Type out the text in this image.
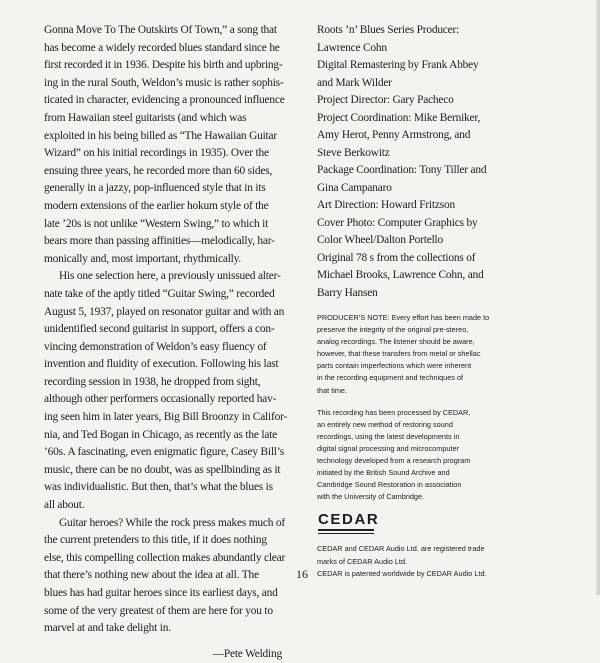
Gonna Move To The Outskirts Of Town,” a song that
has become a widely recorded blues standard since he
first recorded it in 1936. Despite his birth and upbring-
ing in the rural South, Weldon’s music is rather sophis-
ticated in character, evidencing a pronounced influence
from Hawaiian steel guitarists (and which was
exploited in his being billed as “The Hawaiian Guitar
Wizard” on his initial recordings in 1935). Over the
ensuing three years, he recorded more than 60 sides,
generally in a jazzy, pop-influenced style that in its
modern extensions of the earlier hokum style of the
late ’20s is not unlike “Western Swing,” to which it
bears more than passing affinities—melodically, har-
monically and, most important, rhythmically.

His one selection here, a previously unissued alter-
nate take of the aptly titled “Guitar Swing,” recorded
August 5, 1937, played on resonator guitar and with an
unidentified second guitarist in support, offers a con-
vincing demonstration of Weldon’s easy fluency of
invention and fluidity of execution. Following his last
recording session in 1938, he dropped from sight,
although other performers occasionally reported hav-
ing seen him in later years, Big Bill Broonzy in Califor-
nia, and Ted Bogan in Chicago, as recently as the late
’60s. A fascinating, even enigmatic figure, Casey Bill’s
music, there can be no doubt, was as spellbinding as it
was individualistic. But then, that’s what the blues is
all about.

Guitar heroes? While the rock press makes much of
the current pretenders to this title, if it does nothing
else, this compelling collection makes abundantly clear
that there’s nothing new about the idea at all. The
blues has had guitar heroes since its earliest days, and
some of the very greatest of them are here for you to
marvel at and take delight in.

—Pete Welding
Roots ’n’ Blues Series Producer:
Lawrence Cohn
Digital Remastering by Frank Abbey
and Mark Wilder
Project Director: Gary Pacheco
Project Coordination: Mike Berniker,
Amy Herot, Penny Armstrong, and
Steve Berkowitz
Package Coordination: Tony Tiller and
Gina Campanaro
Art Direction: Howard Fritzson
Cover Photo: Computer Graphics by
Color Wheel/Dalton Portello
Original 78 s from the collections of
Michael Brooks, Lawrence Cohn, and
Barry Hansen
PRODUCER’S NOTE: Every effort has been made to
preserve the integrity of the original pre-stereo,
analog recordings. The listener should be aware,
however, that these transfers from metal or shellac
parts contain imperfections which were inherent
in the recording equipment and techniques of
that time.
This recording has been processed by CEDAR,
an entirely new method of restoring sound
recordings, using the latest developments in
digital signal processing and microcomputer
technology developed from a research program
initiated by the British Sound Archive and
Cambridge Sound Restoration in association
with the University of Cambridge.
CEDAR
CEDAR and CEDAR Audio Ltd. are registered trade
marks of CEDAR Audio Ltd.
CEDAR is patented worldwide by CEDAR Audio Ltd.
16
